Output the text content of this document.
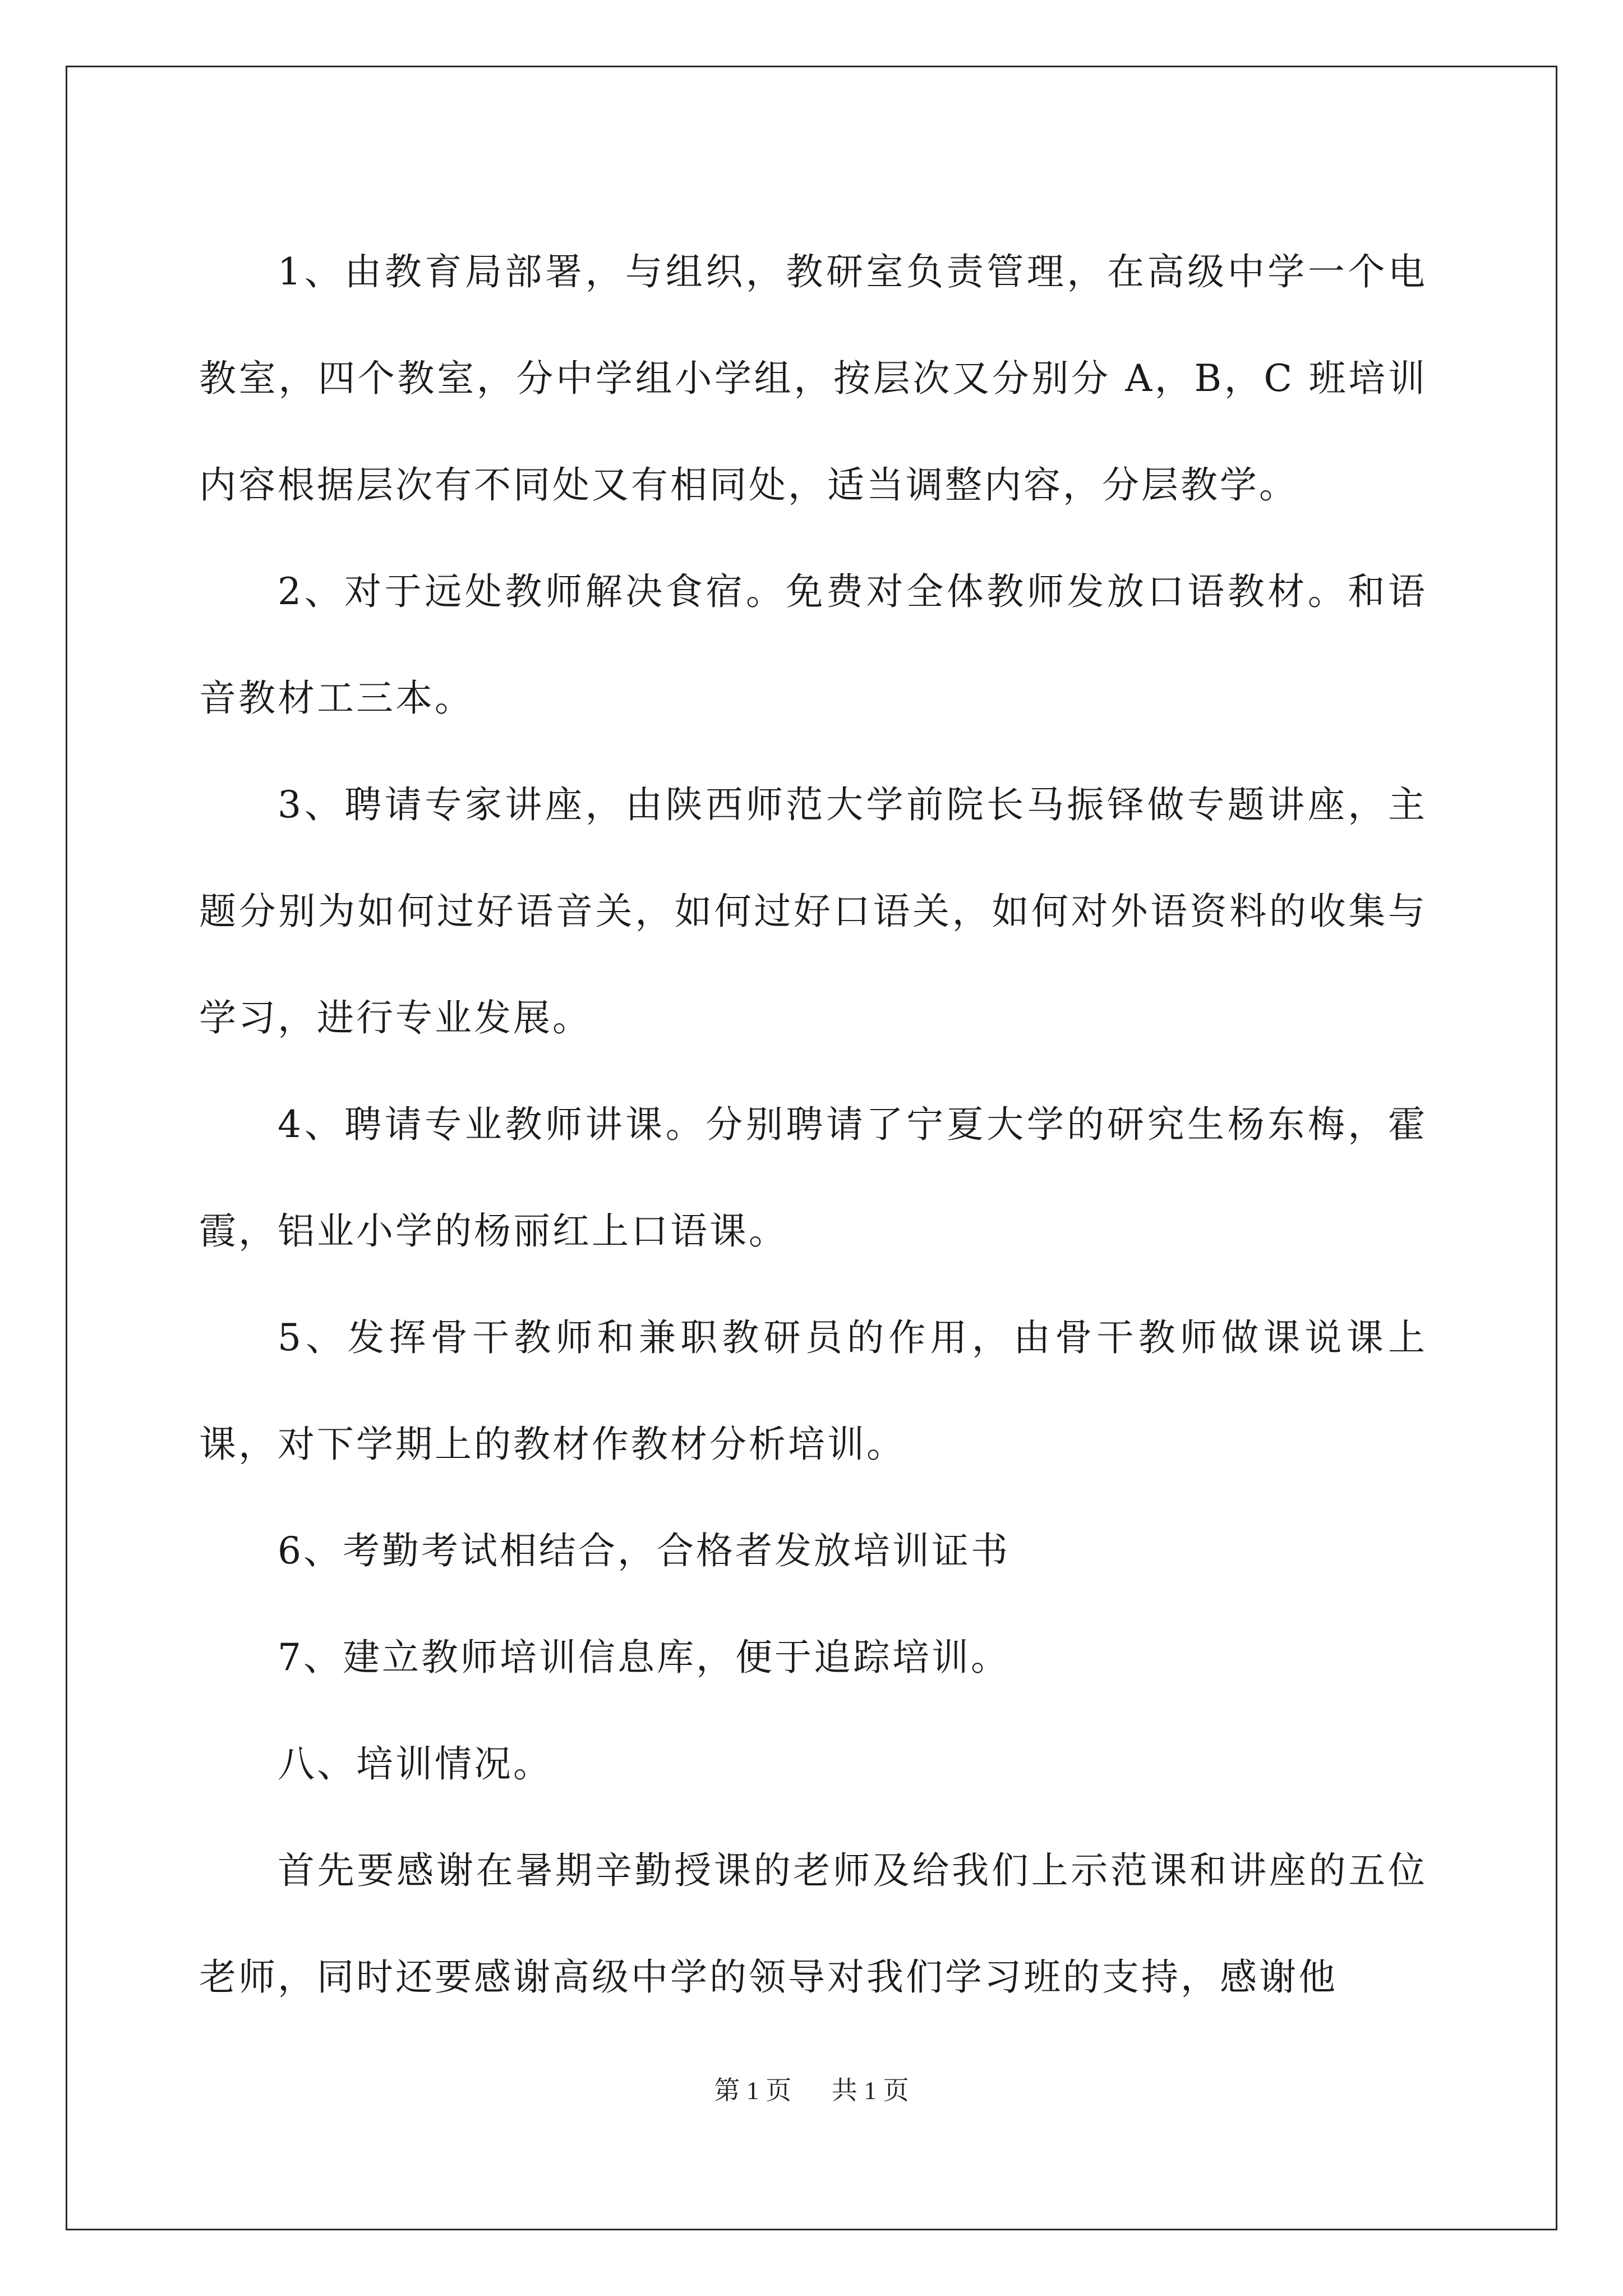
1、由教育局部署，与组织，教研室负责管理，在高级中学一个电教室，四个教室，分中学组小学组，按层次又分别分 A，B，C 班培训内容根据层次有不同处又有相同处，适当调整内容，分层教学。

2、对于远处教师解决食宿。免费对全体教师发放口语教材。和语音教材工三本。

3、聘请专家讲座，由陕西师范大学前院长马振铎做专题讲座，主题分别为如何过好语音关，如何过好口语关，如何对外语资料的收集与学习，进行专业发展。

4、聘请专业教师讲课。分别聘请了宁夏大学的研究生杨东梅，霍霞，铝业小学的杨丽红上口语课。

5、发挥骨干教师和兼职教研员的作用，由骨干教师做课说课上课，对下学期上的教材作教材分析培训。

6、考勤考试相结合，合格者发放培训证书

7、建立教师培训信息库，便于追踪培训。

八、培训情况。

首先要感谢在暑期辛勤授课的老师及给我们上示范课和讲座的五位老师，同时还要感谢高级中学的领导对我们学习班的支持，感谢他

第 1 页 共 1 页
